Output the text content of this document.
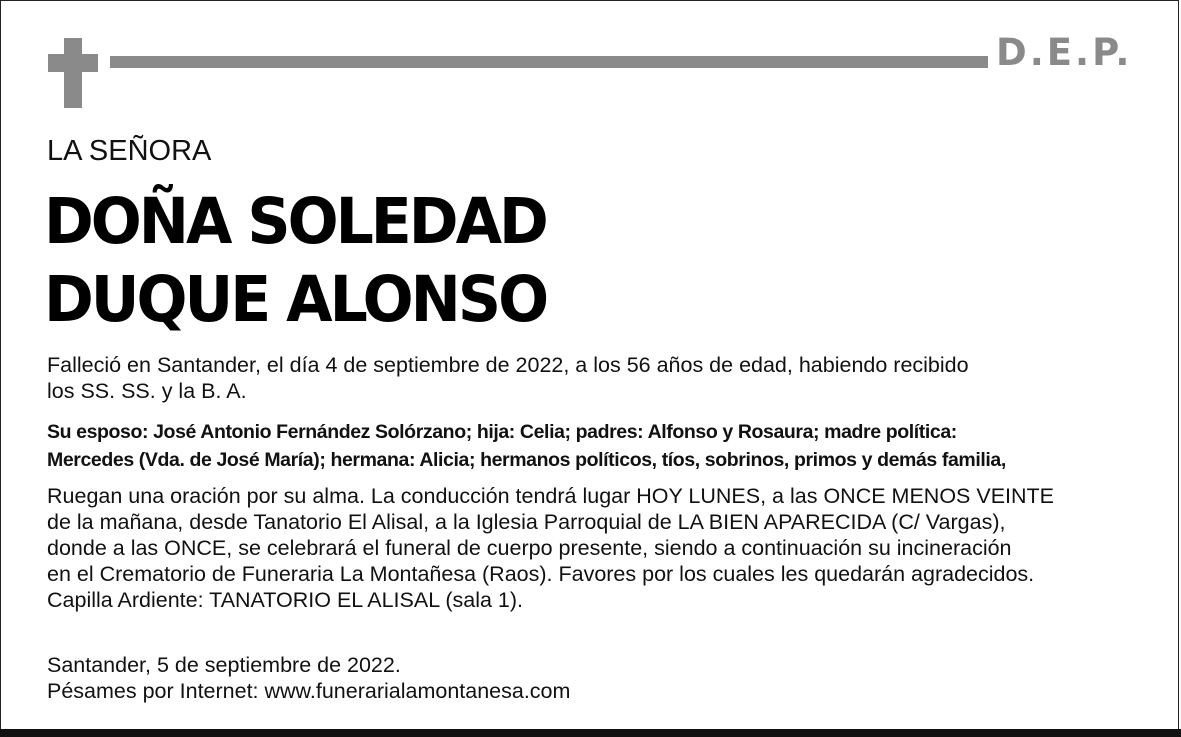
D.E.P.
LA SEÑORA
DOÑA SOLEDAD
DUQUE ALONSO
Falleció en Santander, el día 4 de septiembre de 2022, a los 56 años de edad, habiendo recibido
los SS. SS. y la B. A.
Su esposo: José Antonio Fernández Solórzano; hija: Celia; padres: Alfonso y Rosaura; madre política:
Mercedes (Vda. de José María); hermana: Alicia; hermanos políticos, tíos, sobrinos, primos y demás familia,
Ruegan una oración por su alma. La conducción tendrá lugar HOY LUNES, a las ONCE MENOS VEINTE
de la mañana, desde Tanatorio El Alisal, a la Iglesia Parroquial de LA BIEN APARECIDA (C/ Vargas),
donde a las ONCE, se celebrará el funeral de cuerpo presente, siendo a continuación su incineración
en el Crematorio de Funeraria La Montañesa (Raos). Favores por los cuales les quedarán agradecidos.
Capilla Ardiente: TANATORIO EL ALISAL (sala 1).
Santander, 5 de septiembre de 2022.
Pésames por Internet: www.funerarialamontanesa.com
